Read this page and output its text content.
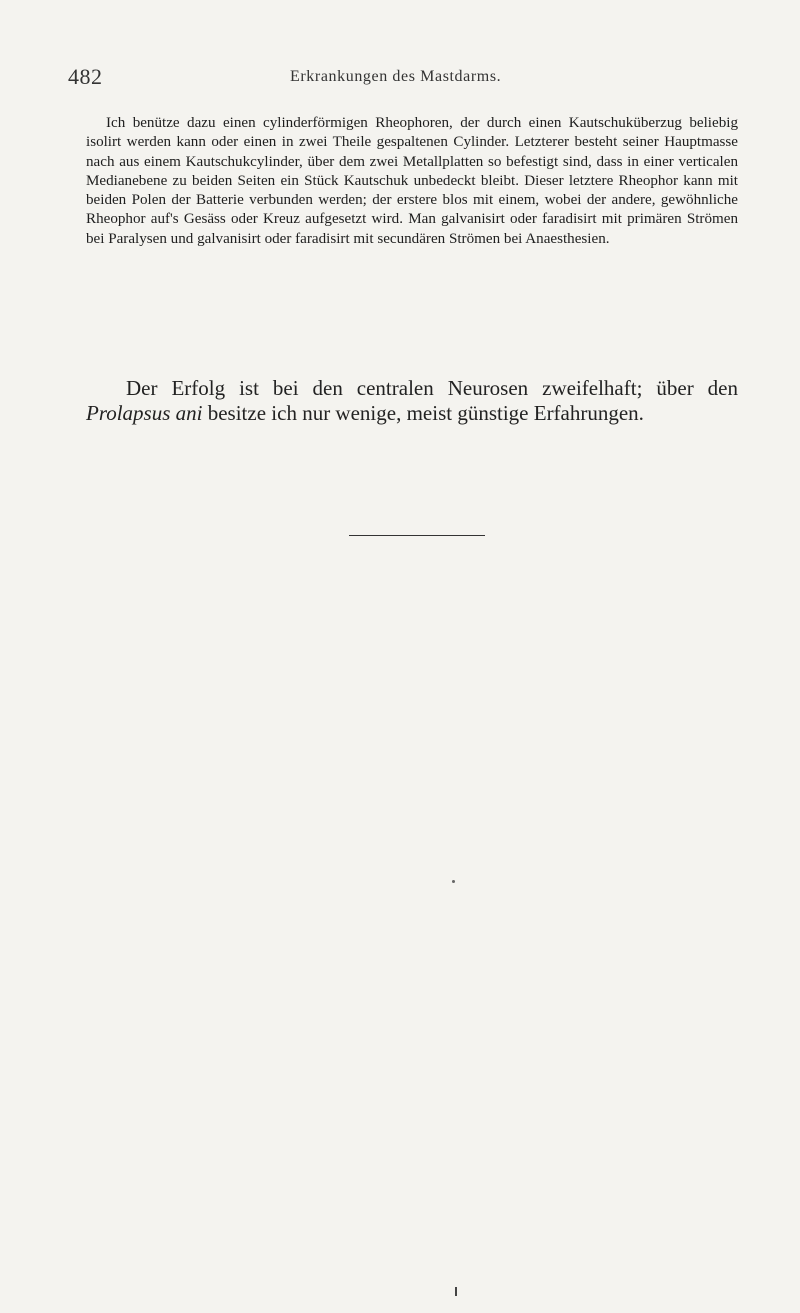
482	Erkrankungen des Mastdarms.

Ich benütze dazu einen cylinderförmigen Rheophoren, der durch einen Kautschuküberzug beliebig isolirt werden kann oder einen in zwei Theile gespaltenen Cylinder. Letzterer besteht seiner Hauptmasse nach aus einem Kautschukcylinder, über dem zwei Metallplatten so befestigt sind, dass in einer verticalen Medianebene zu beiden Seiten ein Stück Kautschuk unbedeckt bleibt. Dieser letztere Rheophor kann mit beiden Polen der Batterie verbunden werden; der erstere blos mit einem, wobei der andere, gewöhnliche Rheophor auf's Gesäss oder Kreuz aufgesetzt wird. Man galvanisirt oder faradisirt mit primären Strömen bei Paralysen und galvanisirt oder faradisirt mit secundären Strömen bei Anaesthesien.

Der Erfolg ist bei den centralen Neurosen zweifelhaft; über den Prolapsus ani besitze ich nur wenige, meist günstige Erfahrungen.
